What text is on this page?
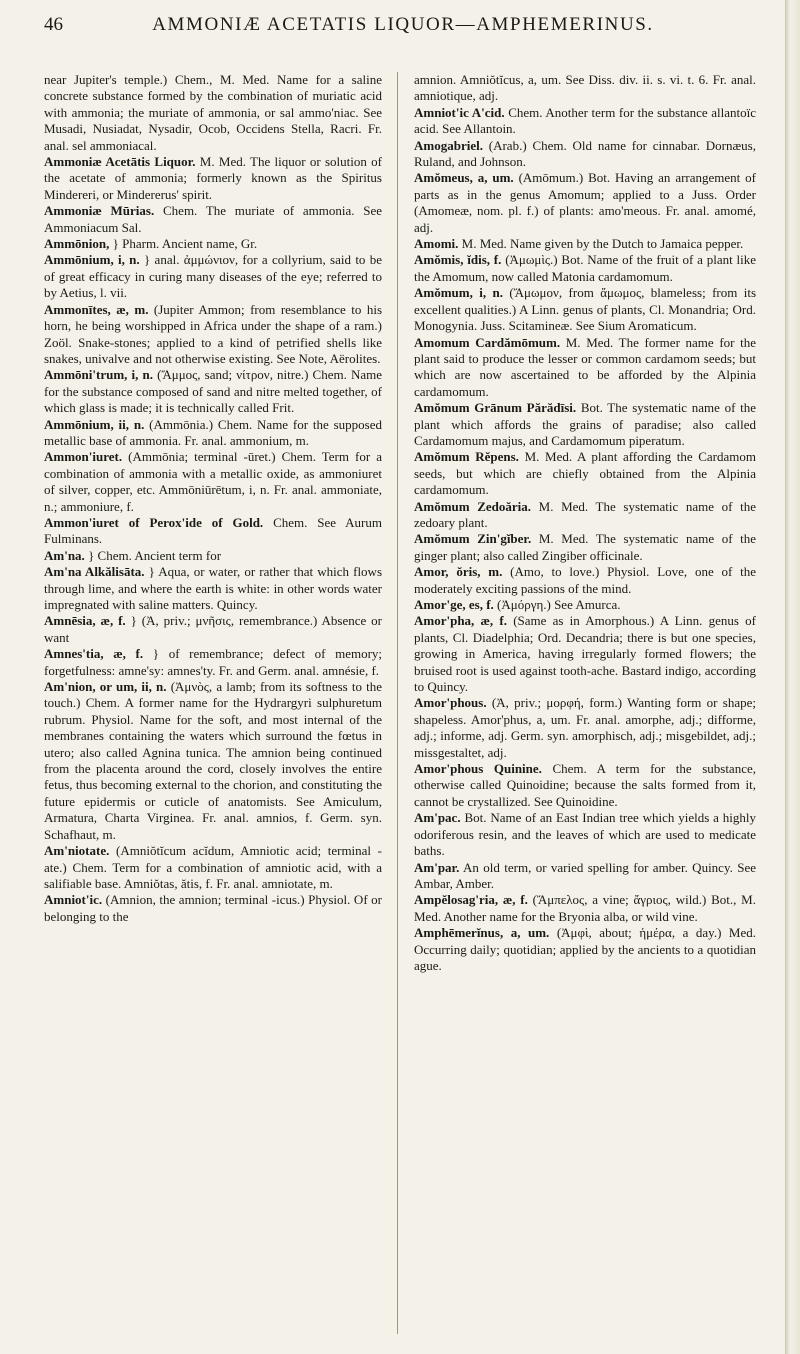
46	AMMONIÆ ACETATIS LIQUOR—AMPHEMERINUS.
near Jupiter's temple.) Chem., M. Med. Name for a saline concrete substance formed by the combination of muriatic acid with ammonia; the muriate of ammonia, or sal ammo'niac. See Musadi, Nusiadat, Nysadir, Ocob, Occidens Stella, Racri. Fr. anal. sel ammoniacal.
Ammoniæ Acetātis Liquor. M. Med. The liquor or solution of the acetate of ammonia; formerly known as the Spiritus Mindereri, or Mindererus' spirit.
Ammoniæ Mūrias. Chem. The muriate of ammonia. See Ammoniacum Sal.
Ammōnion, } Pharm. Ancient name, Gr.
Ammōnium, i, n. } anal. ἀμμώνιον, for a collyrium, said to be of great efficacy in curing many diseases of the eye; referred to by Aetius, l. vii.
Ammonītes, æ, m. (Jupiter Ammon; from resemblance to his horn, he being worshipped in Africa under the shape of a ram.) Zoöl. Snake-stones; applied to a kind of petrified shells like snakes, univalve and not otherwise existing. See Note, Aërolites.
Ammōni'trum, i, n. (Ἄμμος, sand; νίτρον, nitre.) Chem. Name for the substance composed of sand and nitre melted together, of which glass is made; it is technically called Frit.
Ammōnium, ii, n. (Ammōnia.) Chem. Name for the supposed metallic base of ammonia. Fr. anal. ammonium, m.
Ammon'iuret. (Ammōnia; terminal -ūret.) Chem. Term for a combination of ammonia with a metallic oxide, as ammoniuret of silver, copper, etc. Ammōniūrētum, i, n. Fr. anal. ammoniate, n.; ammoniure, f.
Ammon'iuret of Perox'ide of Gold. Chem. See Aurum Fulminans.
Am'na. } Chem. Ancient term for
Am'na Alkălisāta. } Aqua, or water, or rather that which flows through lime, and where the earth is white: in other words water impregnated with saline matters. Quincy.
Amnēsia, æ, f. } (Ἀ, priv.; μνῆσις, remembrance.) Absence or want
Amnes'tia, æ, f. } of remembrance; defect of memory; forgetfulness: amne'sy: amnes'ty. Fr. and Germ. anal. amnésie, f.
Am'nion, or um, ii, n. (Ἀμνὸς, a lamb; from its softness to the touch.) Chem. A former name for the Hydrargyri sulphuretum rubrum. Physiol. Name for the soft, and most internal of the membranes containing the waters which surround the fœtus in utero; also called Agnina tunica. The amnion being continued from the placenta around the cord, closely involves the entire fetus, thus becoming external to the chorion, and constituting the future epidermis or cuticle of anatomists. See Amiculum, Armatura, Charta Virginea. Fr. anal. amnios, f. Germ. syn. Schafhaut, m.
Am'niotate. (Amniŏtĭcum acĭdum, Amniotic acid; terminal -ate.) Chem. Term for a combination of amniotic acid, with a salifiable base. Amniŏtas, ătis, f. Fr. anal. amniotate, m.
Amniot'ic. (Amnion, the amnion; terminal -icus.) Physiol. Of or belonging to the
amnion. Amniŏtĭcus, a, um. See Diss. div. ii. s. vi. t. 6. Fr. anal. amniotique, adj.
Amniot'ic A'cid. Chem. Another term for the substance allantoïc acid. See Allantoin.
Amogabriel. (Arab.) Chem. Old name for cinnabar. Dornæus, Ruland, and Johnson.
Amŏmeus, a, um. (Amōmum.) Bot. Having an arrangement of parts as in the genus Amomum; applied to a Juss. Order (Amomeæ, nom. pl. f.) of plants: amo'meous. Fr. anal. amomé, adj.
Amomi. M. Med. Name given by the Dutch to Jamaica pepper.
Amŏmis, ĭdis, f. (Ἀμωμὶς.) Bot. Name of the fruit of a plant like the Amomum, now called Matonia cardamomum.
Amŏmum, i, n. (Ἄμωμον, from ἄμωμος, blameless; from its excellent qualities.) A Linn. genus of plants, Cl. Monandria; Ord. Monogynia. Juss. Scitamineæ. See Sium Aromaticum.
Amomum Cardămōmum. M. Med. The former name for the plant said to produce the lesser or common cardamom seeds; but which are now ascertained to be afforded by the Alpinia cardamomum.
Amŏmum Grānum Părădīsi. Bot. The systematic name of the plant which affords the grains of paradise; also called Cardamomum majus, and Cardamomum piperatum.
Amŏmum Rĕpens. M. Med. A plant affording the Cardamom seeds, but which are chiefly obtained from the Alpinia cardamomum.
Amŏmum Zedoăria. M. Med. The systematic name of the zedoary plant.
Amŏmum Zin'gĭber. M. Med. The systematic name of the ginger plant; also called Zingiber officinale.
Amor, ŏris, m. (Amo, to love.) Physiol. Love, one of the moderately exciting passions of the mind.
Amor'ge, es, f. (Ἀμόργη.) See Amurca.
Amor'pha, æ, f. (Same as in Amorphous.) A Linn. genus of plants, Cl. Diadelphia; Ord. Decandria; there is but one species, growing in America, having irregularly formed flowers; the bruised root is used against tooth-ache. Bastard indigo, according to Quincy.
Amor'phous. (Ἀ, priv.; μορφή, form.) Wanting form or shape; shapeless. Amor'phus, a, um. Fr. anal. amorphe, adj.; difforme, adj.; informe, adj. Germ. syn. amorphisch, adj.; misgebildet, adj.; missgestaltet, adj.
Amor'phous Quinine. Chem. A term for the substance, otherwise called Quinoidine; because the salts formed from it, cannot be crystallized. See Quinoidine.
Am'pac. Bot. Name of an East Indian tree which yields a highly odoriferous resin, and the leaves of which are used to medicate baths.
Am'par. An old term, or varied spelling for amber. Quincy. See Ambar, Amber.
Ampĕlosag'ria, æ, f. (Ἄμπελος, a vine; ἄγριος, wild.) Bot., M. Med. Another name for the Bryonia alba, or wild vine.
Amphēmerĭnus, a, um. (Ἀμφὶ, about; ἡμέρα, a day.) Med. Occurring daily; quotidian; applied by the ancients to a quotidian ague.
